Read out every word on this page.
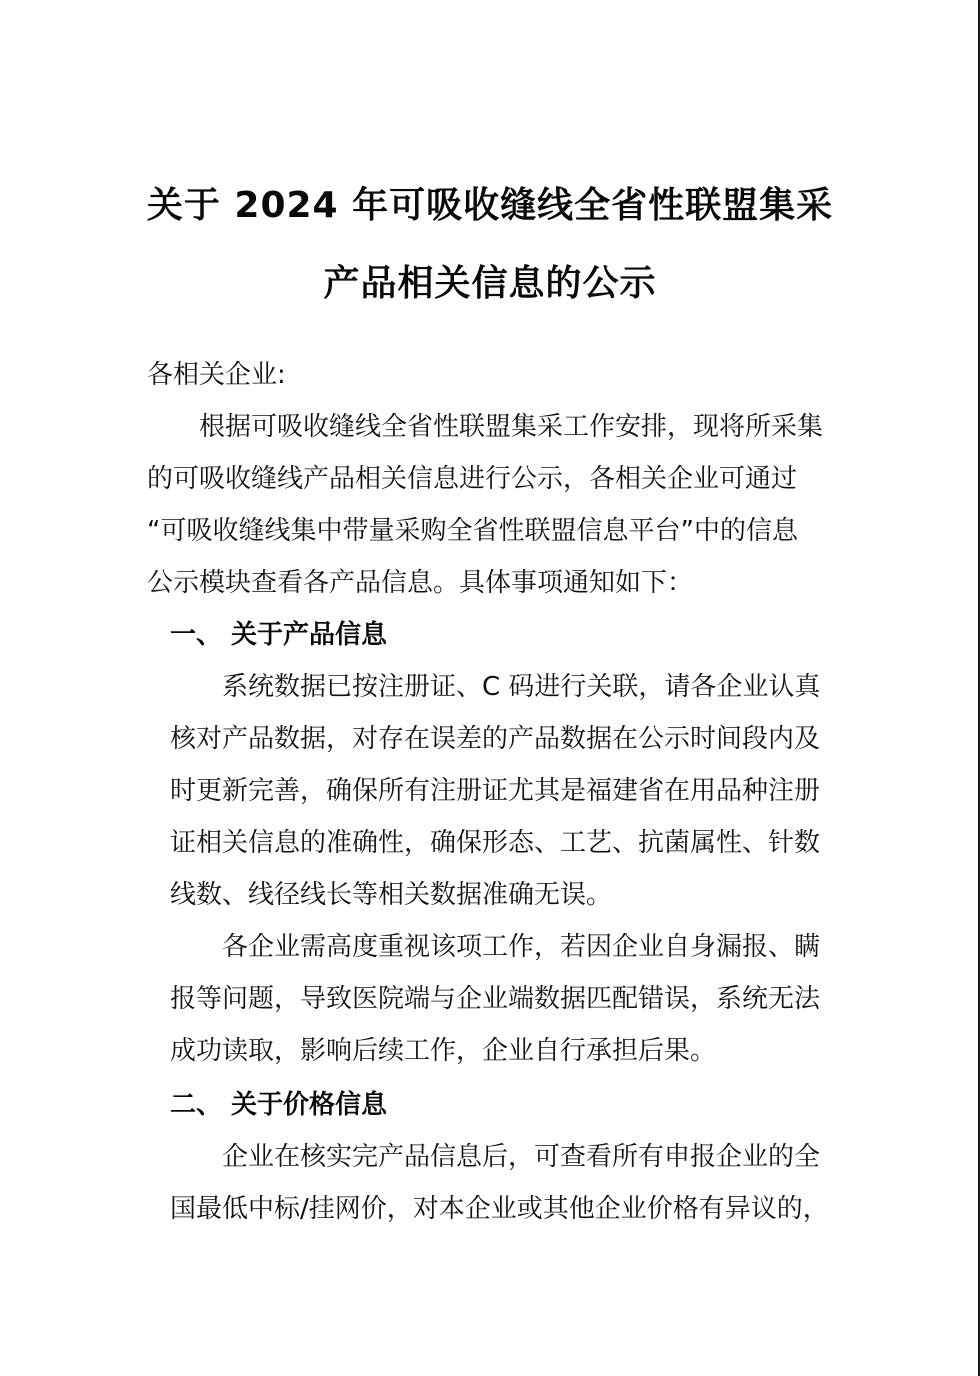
关于 2024 年可吸收缝线全省性联盟集采
产品相关信息的公示
各相关企业:
根据可吸收缝线全省性联盟集采工作安排，现将所采集
的可吸收缝线产品相关信息进行公示，各相关企业可通过
“可吸收缝线集中带量采购全省性联盟信息平台”中的信息
公示模块查看各产品信息。具体事项通知如下：
一、 关于产品信息
系统数据已按注册证、C 码进行关联，请各企业认真
核对产品数据，对存在误差的产品数据在公示时间段内及
时更新完善，确保所有注册证尤其是福建省在用品种注册
证相关信息的准确性，确保形态、工艺、抗菌属性、针数
线数、线径线长等相关数据准确无误。
各企业需高度重视该项工作，若因企业自身漏报、瞒
报等问题，导致医院端与企业端数据匹配错误，系统无法
成功读取，影响后续工作，企业自行承担后果。
二、 关于价格信息
企业在核实完产品信息后，可查看所有申报企业的全
国最低中标/挂网价，对本企业或其他企业价格有异议的，
